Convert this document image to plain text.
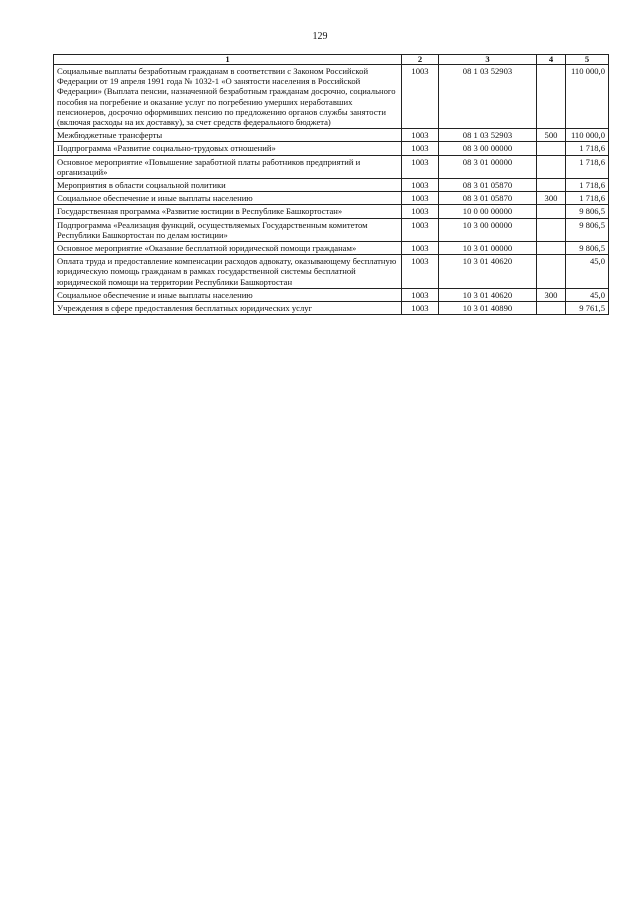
129
1	2	3	4	5
Социальные выплаты безработным гражданам в соответствии с Законом Российской Федерации от 19 апреля 1991 года № 1032-1 «О занятости населения в Российской Федерации» (Выплата пенсии, назначенной безработным гражданам досрочно, социального пособия на погребение и оказание услуг по погребению умерших неработавших пенсионеров, досрочно оформивших пенсию по предложению органов службы занятости (включая расходы на их доставку), за счет средств федерального бюджета)	1003	08 1 03 52903		110 000,0
Межбюджетные трансферты	1003	08 1 03 52903	500	110 000,0
Подпрограмма «Развитие социально-трудовых отношений»	1003	08 3 00 00000		1 718,6
Основное мероприятие «Повышение заработной платы работников предприятий и организаций»	1003	08 3 01 00000		1 718,6
Мероприятия в области социальной политики	1003	08 3 01 05870		1 718,6
Социальное обеспечение и иные выплаты населению	1003	08 3 01 05870	300	1 718,6
Государственная программа «Развитие юстиции в Республике Башкортостан»	1003	10 0 00 00000		9 806,5
Подпрограмма «Реализация функций, осуществляемых Государственным комитетом Республики Башкортостан по делам юстиции»	1003	10 3 00 00000		9 806,5
Основное мероприятие «Оказание бесплатной юридической помощи гражданам»	1003	10 3 01 00000		9 806,5
Оплата труда и предоставление компенсации расходов адвокату, оказывающему бесплатную юридическую помощь гражданам в рамках государственной системы бесплатной юридической помощи на территории Республики Башкортостан	1003	10 3 01 40620		45,0
Социальное обеспечение и иные выплаты населению	1003	10 3 01 40620	300	45,0
Учреждения в сфере предоставления бесплатных юридических услуг	1003	10 3 01 40890		9 761,5
